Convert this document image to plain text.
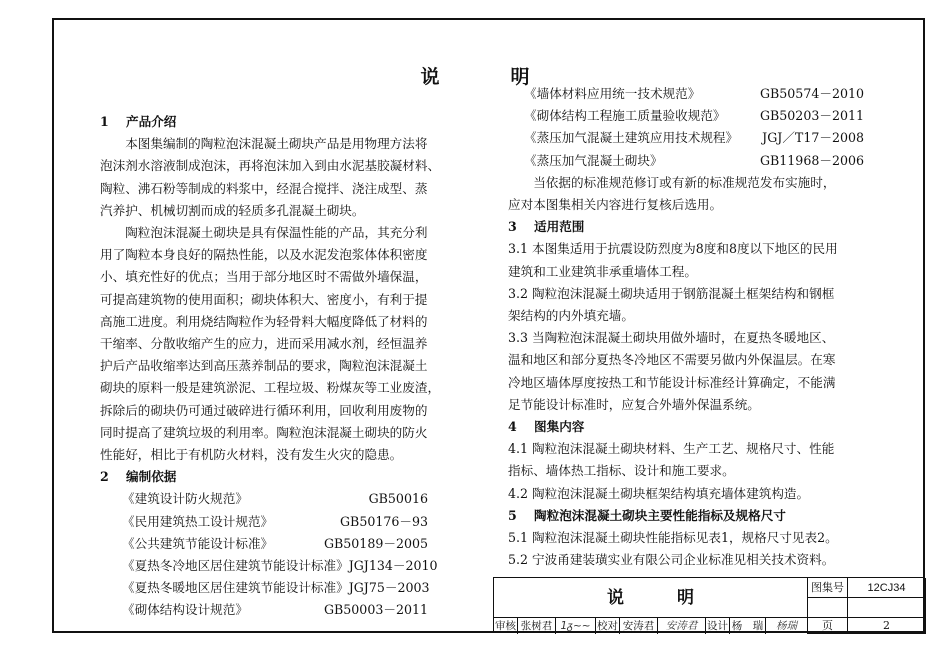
说　明
1 产品介绍
　　本图集编制的陶粒泡沫混凝土砌块产品是用物理方法将
泡沫剂水溶液制成泡沫，再将泡沫加入到由水泥基胶凝材料、
陶粒、沸石粉等制成的料浆中，经混合搅拌、浇注成型、蒸
汽养护、机械切割而成的轻质多孔混凝土砌块。
　　陶粒泡沫混凝土砌块是具有保温性能的产品，其充分利
用了陶粒本身良好的隔热性能，以及水泥发泡浆体体积密度
小、填充性好的优点；当用于部分地区时不需做外墙保温，
可提高建筑物的使用面积；砌块体积大、密度小，有利于提
高施工进度。利用烧结陶粒作为轻骨料大幅度降低了材料的
干缩率、分散收缩产生的应力，进而采用减水剂，经恒温养
护后产品收缩率达到高压蒸养制品的要求，陶粒泡沫混凝土
砌块的原料一般是建筑淤泥、工程垃圾、粉煤灰等工业废渣，
拆除后的砌块仍可通过破碎进行循环利用，回收利用废物的
同时提高了建筑垃圾的利用率。陶粒泡沫混凝土砌块的防火
性能好，相比于有机防火材料，没有发生火灾的隐患。
2 编制依据
《建筑设计防火规范》	GB50016
《民用建筑热工设计规范》	GB50176－93
《公共建筑节能设计标准》	GB50189－2005
《夏热冬冷地区居住建筑节能设计标准》 JGJ134－2010
《夏热冬暖地区居住建筑节能设计标准》 JGJ75－2003
《砌体结构设计规范》	GB50003－2011
《墙体材料应用统一技术规范》	GB50574－2010
《砌体结构工程施工质量验收规范》	GB50203－2011
《蒸压加气混凝土建筑应用技术规程》 JGJ／T17－2008
《蒸压加气混凝土砌块》	GB11968－2006
　　当依据的标准规范修订或有新的标准规范发布实施时，
应对本图集相关内容进行复核后选用。
3 适用范围
3.1 本图集适用于抗震设防烈度为8度和8度以下地区的民用
建筑和工业建筑非承重墙体工程。
3.2 陶粒泡沫混凝土砌块适用于钢筋混凝土框架结构和钢框
架结构的内外填充墙。
3.3 当陶粒泡沫混凝土砌块用做外墙时，在夏热冬暖地区、
温和地区和部分夏热冬冷地区不需要另做内外保温层。在寒
冷地区墙体厚度按热工和节能设计标准经计算确定，不能满
足节能设计标准时，应复合外墙外保温系统。
4 图集内容
4.1 陶粒泡沫混凝土砌块材料、生产工艺、规格尺寸、性能
指标、墙体热工指标、设计和施工要求。
4.2 陶粒泡沫混凝土砌块框架结构填充墙体建筑构造。
5 陶粒泡沫混凝土砌块主要性能指标及规格尺寸
5.1 陶粒泡沫混凝土砌块性能指标见表1，规格尺寸见表2。
5.2 宁波甬建装璜实业有限公司企业标准见相关技术资料。
说　明
图集号	12CJ34
页	2
审核 张树君 1ᵹ~~ 校对 安涛君	安涛君 设计 杨　瑞	杨瑞
